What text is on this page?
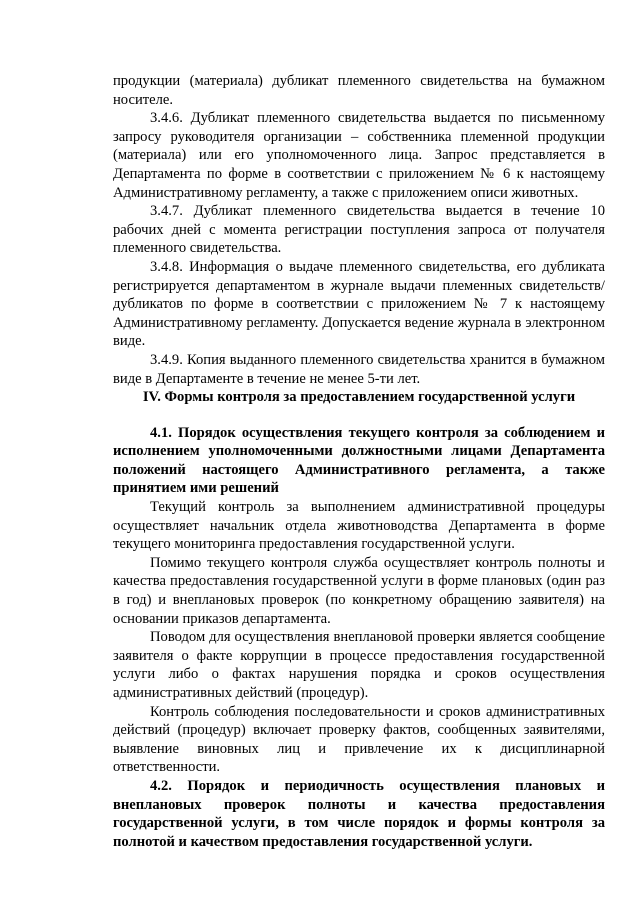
продукции (материала) дубликат племенного свидетельства на бумажном носителе.

3.4.6. Дубликат племенного свидетельства выдается по письменному запросу руководителя организации – собственника племенной продукции (материала) или его уполномоченного лица. Запрос представляется в Департамента по форме в соответствии с приложением № 6 к настоящему Административному регламенту, а также с приложением описи животных.

3.4.7. Дубликат племенного свидетельства выдается в течение 10 рабочих дней с момента регистрации поступления запроса от получателя племенного свидетельства.

3.4.8. Информация о выдаче племенного свидетельства, его дубликата регистрируется департаментом в журнале выдачи племенных свидетельств/дубликатов по форме в соответствии с приложением № 7 к настоящему Административному регламенту. Допускается ведение журнала в электронном виде.

3.4.9. Копия выданного племенного свидетельства хранится в бумажном виде в Департаменте в течение не менее 5-ти лет.

IV. Формы контроля за предоставлением государственной услуги

4.1. Порядок осуществления текущего контроля за соблюдением и исполнением уполномоченными должностными лицами Департамента положений настоящего Административного регламента, а также принятием ими решений

Текущий контроль за выполнением административной процедуры осуществляет начальник отдела животноводства Департамента в форме текущего мониторинга предоставления государственной услуги.

Помимо текущего контроля служба осуществляет контроль полноты и качества предоставления государственной услуги в форме плановых (один раз в год) и внеплановых проверок (по конкретному обращению заявителя) на основании приказов департамента.

Поводом для осуществления внеплановой проверки является сообщение заявителя о факте коррупции в процессе предоставления государственной услуги либо о фактах нарушения порядка и сроков осуществления административных действий (процедур).

Контроль соблюдения последовательности и сроков административных действий (процедур) включает проверку фактов, сообщенных заявителями, выявление виновных лиц и привлечение их к дисциплинарной ответственности.

4.2. Порядок и периодичность осуществления плановых и внеплановых проверок полноты и качества предоставления государственной услуги, в том числе порядок и формы контроля за полнотой и качеством предоставления государственной услуги.
